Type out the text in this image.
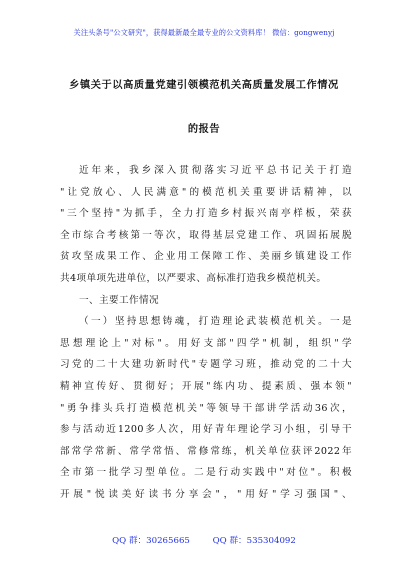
关注头条号"公文研究"，获得最新最全最专业的公文资料库！ 微信：gongwenyj
乡镇关于以高质量党建引领模范机关高质量发展工作情况
的报告
近年来，我乡深入贯彻落实习近平总书记关于打造
"让党放心、人民满意"的模范机关重要讲话精神，以
"三个坚持"为抓手，全力打造乡村振兴南亭样板，荣获
全市综合考核第一等次，取得基层党建工作、巩固拓展脱
贫攻坚成果工作、企业用工保障工作、美丽乡镇建设工作
共4项单项先进单位，以严要求、高标准打造我乡模范机关。
一、主要工作情况
（一）坚持思想铸魂，打造理论武装模范机关。一是
思想理论上"对标"。用好支部"四学"机制，组织"学
习党的二十大建功新时代"专题学习班，推动党的二十大
精神宣传好、贯彻好；开展"练内功、提素质、强本领"
"勇争排头兵打造模范机关"等领导干部讲学活动36次，
参与活动近1200多人次，用好青年理论学习小组，引导干
部常学常新、常学常悟、常修常练，机关单位获评2022年
全市第一批学习型单位。二是行动实践中"对位"。积极
开展"悦读美好读书分享会"，"用好"学习强国"、
QQ 群：30265665	QQ 群：535304092
